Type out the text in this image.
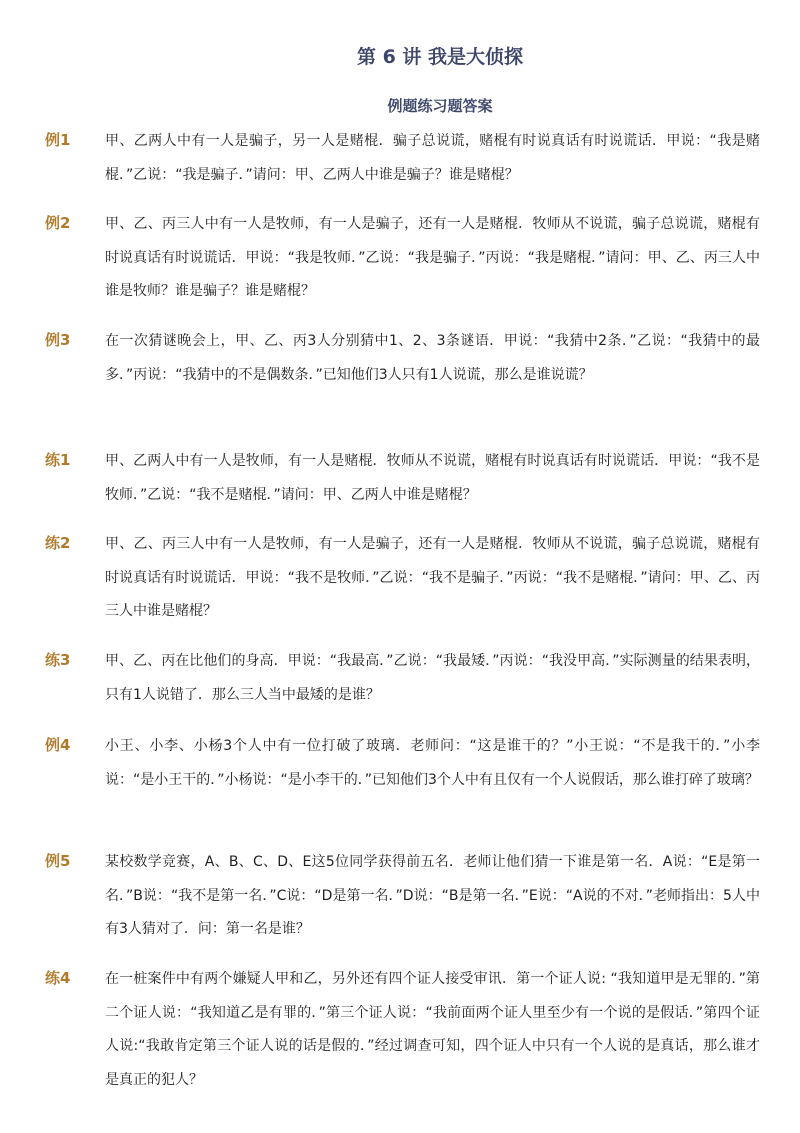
第 6 讲 我是大侦探
例题练习题答案
例1 甲、乙两人中有一人是骗子，另一人是赌棍．骗子总说谎，赌棍有时说真话有时说谎话．甲说：“我是赌棍．”乙说：“我是骗子．”请问：甲、乙两人中谁是骗子？谁是赌棍？
例2 甲、乙、丙三人中有一人是牧师，有一人是骗子，还有一人是赌棍．牧师从不说谎，骗子总说谎，赌棍有时说真话有时说谎话．甲说：“我是牧师．”乙说：“我是骗子．”丙说：“我是赌棍．”请问：甲、乙、丙三人中谁是牧师？谁是骗子？谁是赌棍？
例3 在一次猜谜晚会上，甲、乙、丙3人分别猜中1、2、3条谜语．甲说：“我猜中2条．”乙说：“我猜中的最多．”丙说：“我猜中的不是偶数条．”已知他们3人只有1人说谎，那么是谁说谎？
练1 甲、乙两人中有一人是牧师，有一人是赌棍．牧师从不说谎，赌棍有时说真话有时说谎话．甲说：“我不是牧师．”乙说：“我不是赌棍．”请问：甲、乙两人中谁是赌棍？
练2 甲、乙、丙三人中有一人是牧师，有一人是骗子，还有一人是赌棍．牧师从不说谎，骗子总说谎，赌棍有时说真话有时说谎话．甲说：“我不是牧师．”乙说：“我不是骗子．”丙说：“我不是赌棍．”请问：甲、乙、丙三人中谁是赌棍？
练3 甲、乙、丙在比他们的身高．甲说：“我最高．”乙说：“我最矮．”丙说：“我没甲高．”实际测量的结果表明，只有1人说错了．那么三人当中最矮的是谁？
例4 小王、小李、小杨3个人中有一位打破了玻璃．老师问：“这是谁干的？”小王说：“不是我干的．”小李说：“是小王干的．”小杨说：“是小李干的．”已知他们3个人中有且仅有一个人说假话，那么谁打碎了玻璃？
例5 某校数学竞赛，A、B、C、D、E这5位同学获得前五名．老师让他们猜一下谁是第一名．A说：“E是第一名．”B说：“我不是第一名．”C说：“D是第一名．”D说：“B是第一名．”E说：“A说的不对．”老师指出：5人中有3人猜对了．问：第一名是谁？
练4 在一桩案件中有两个嫌疑人甲和乙，另外还有四个证人接受审讯．第一个证人说: “我知道甲是无罪的．”第二个证人说：“我知道乙是有罪的．”第三个证人说：“我前面两个证人里至少有一个说的是假话．”第四个证人说:“我敢肯定第三个证人说的话是假的．”经过调查可知，四个证人中只有一个人说的是真话，那么谁才是真正的犯人？
